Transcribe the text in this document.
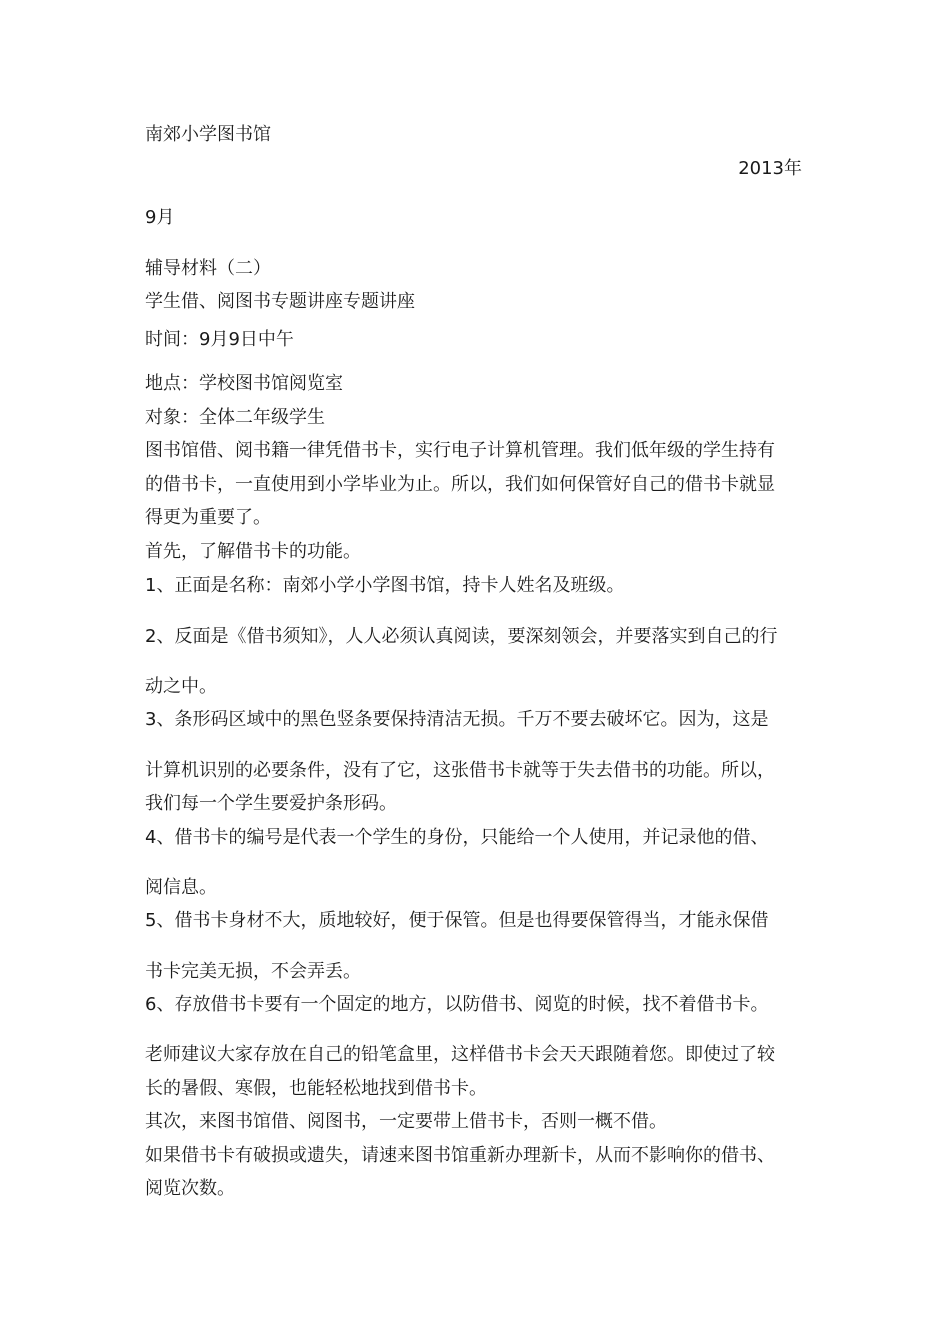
南郊小学图书馆
2013年
9月
辅导材料（二）
学生借、阅图书专题讲座专题讲座
时间：9月9日中午
地点：学校图书馆阅览室
对象：全体二年级学生
图书馆借、阅书籍一律凭借书卡，实行电子计算机管理。我们低年级的学生持有
的借书卡，一直使用到小学毕业为止。所以，我们如何保管好自己的借书卡就显
得更为重要了。
首先，了解借书卡的功能。
1、正面是名称：南郊小学小学图书馆，持卡人姓名及班级。
2、反面是《借书须知》，人人必须认真阅读，要深刻领会，并要落实到自己的行
动之中。
3、条形码区域中的黑色竖条要保持清洁无损。千万不要去破坏它。因为，这是
计算机识别的必要条件，没有了它，这张借书卡就等于失去借书的功能。所以，
我们每一个学生要爱护条形码。
4、借书卡的编号是代表一个学生的身份，只能给一个人使用，并记录他的借、
阅信息。
5、借书卡身材不大，质地较好，便于保管。但是也得要保管得当，才能永保借
书卡完美无损，不会弄丢。
6、存放借书卡要有一个固定的地方，以防借书、阅览的时候，找不着借书卡。
老师建议大家存放在自己的铅笔盒里，这样借书卡会天天跟随着您。即使过了较
长的暑假、寒假，也能轻松地找到借书卡。
其次，来图书馆借、阅图书，一定要带上借书卡，否则一概不借。
如果借书卡有破损或遗失，请速来图书馆重新办理新卡，从而不影响你的借书、
阅览次数。
